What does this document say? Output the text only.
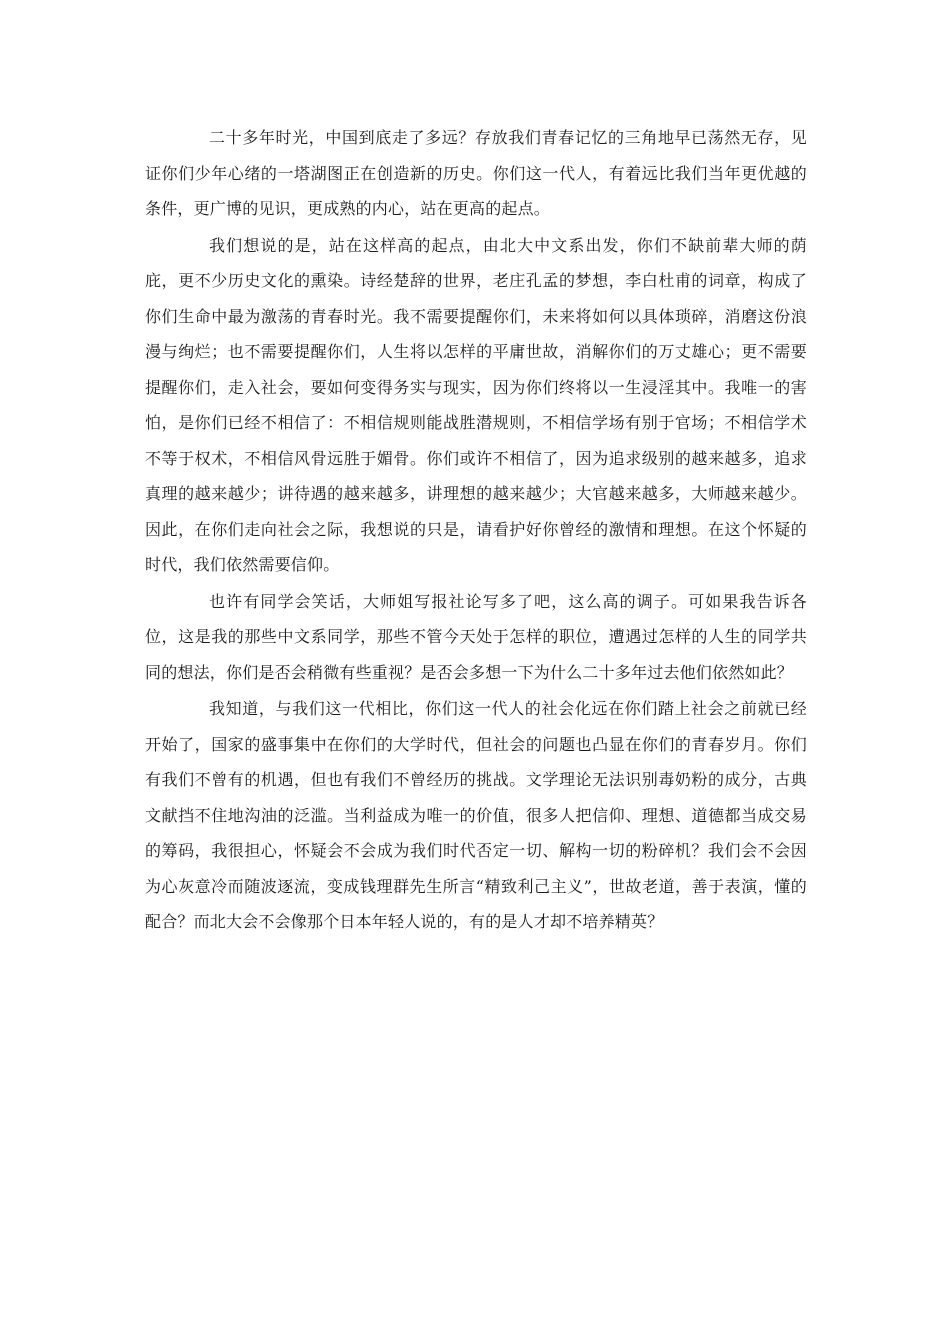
二十多年时光，中国到底走了多远？存放我们青春记忆的三角地早已荡然无存，见证你们少年心绪的一塔湖图正在创造新的历史。你们这一代人，有着远比我们当年更优越的条件，更广博的见识，更成熟的内心，站在更高的起点。

我们想说的是，站在这样高的起点，由北大中文系出发，你们不缺前辈大师的荫庇，更不少历史文化的熏染。诗经楚辞的世界，老庄孔孟的梦想，李白杜甫的词章，构成了你们生命中最为激荡的青春时光。我不需要提醒你们，未来将如何以具体琐碎，消磨这份浪漫与绚烂；也不需要提醒你们，人生将以怎样的平庸世故，消解你们的万丈雄心；更不需要提醒你们，走入社会，要如何变得务实与现实，因为你们终将以一生浸淫其中。我唯一的害怕，是你们已经不相信了：不相信规则能战胜潜规则，不相信学场有别于官场；不相信学术不等于权术，不相信风骨远胜于媚骨。你们或许不相信了，因为追求级别的越来越多，追求真理的越来越少；讲待遇的越来越多，讲理想的越来越少；大官越来越多，大师越来越少。因此，在你们走向社会之际，我想说的只是，请看护好你曾经的激情和理想。在这个怀疑的时代，我们依然需要信仰。

也许有同学会笑话，大师姐写报社论写多了吧，这么高的调子。可如果我告诉各位，这是我的那些中文系同学，那些不管今天处于怎样的职位，遭遇过怎样的人生的同学共同的想法，你们是否会稍微有些重视？是否会多想一下为什么二十多年过去他们依然如此？

我知道，与我们这一代相比，你们这一代人的社会化远在你们踏上社会之前就已经开始了，国家的盛事集中在你们的大学时代，但社会的问题也凸显在你们的青春岁月。你们有我们不曾有的机遇，但也有我们不曾经历的挑战。文学理论无法识别毒奶粉的成分，古典文献挡不住地沟油的泛滥。当利益成为唯一的价值，很多人把信仰、理想、道德都当成交易的筹码，我很担心，怀疑会不会成为我们时代否定一切、解构一切的粉碎机？我们会不会因为心灰意冷而随波逐流，变成钱理群先生所言“精致利己主义”，世故老道，善于表演，懂的配合？而北大会不会像那个日本年轻人说的，有的是人才却不培养精英？
